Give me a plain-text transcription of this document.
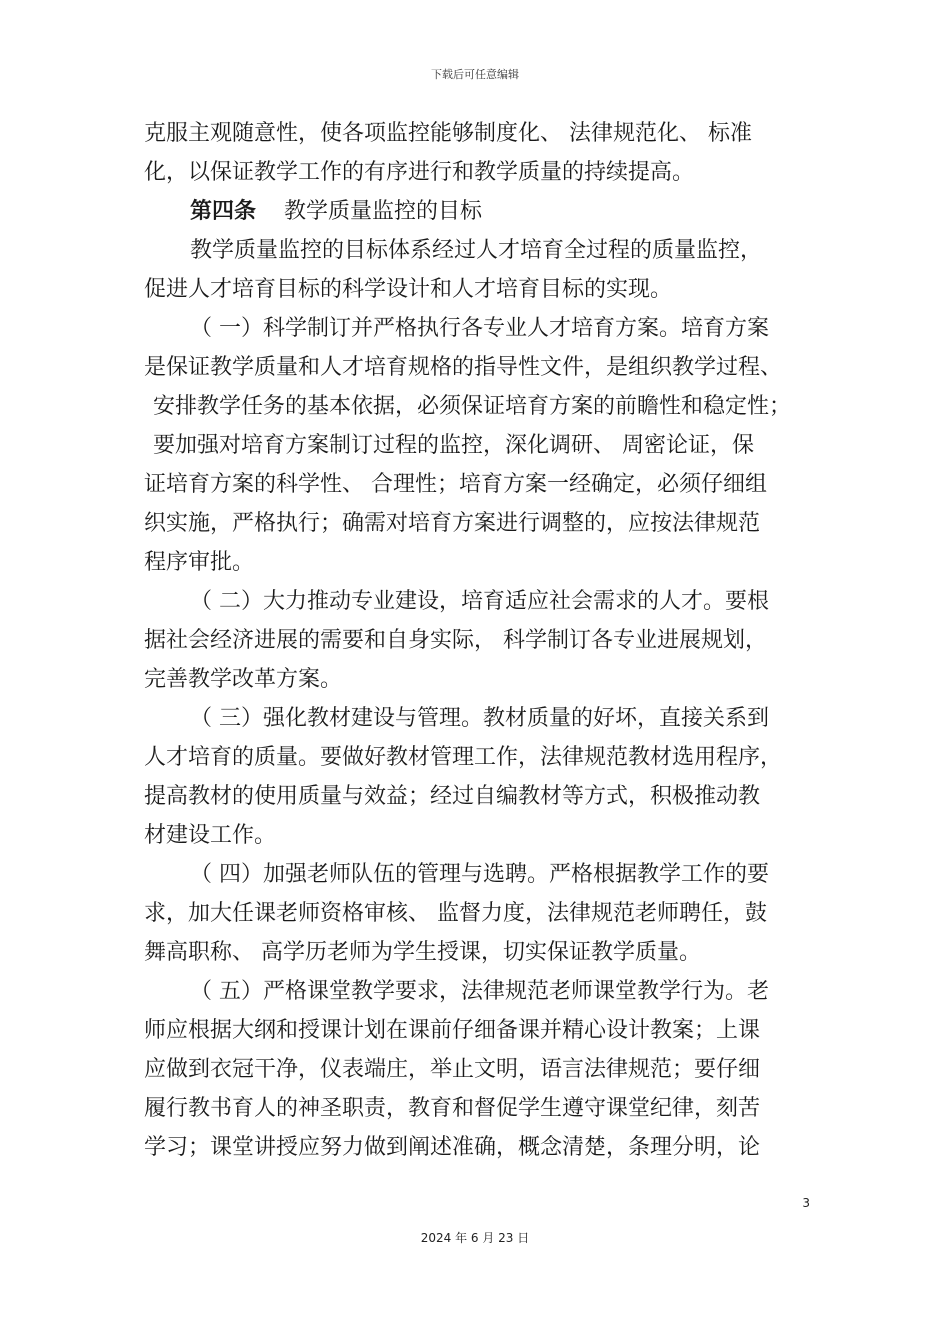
下载后可任意编辑
克服主观随意性，使各项监控能够制度化、 法律规范化、 标准
化，以保证教学工作的有序进行和教学质量的持续提高。

第四条

教学质量监控的目标

教学质量监控的目标体系经过人才培育全过程的质量监控，
促进人才培育目标的科学设计和人才培育目标的实现。
（ 一）科学制订并严格执行各专业人才培育方案。培育方案
是保证教学质量和人才培育规格的指导性文件，是组织教学过程、
安排教学任务的基本依据，必须保证培育方案的前瞻性和稳定性；
要加强对培育方案制订过程的监控，深化调研、 周密论证，保
证培育方案的科学性、 合理性；培育方案一经确定，必须仔细组
织实施，严格执行；确需对培育方案进行调整的，应按法律规范
程序审批。
（ 二）大力推动专业建设，培育适应社会需求的人才。要根
据社会经济进展的需要和自身实际， 科学制订各专业进展规划，
完善教学改革方案。
（ 三）强化教材建设与管理。教材质量的好坏，直接关系到
人才培育的质量。要做好教材管理工作，法律规范教材选用程序，
提高教材的使用质量与效益；经过自编教材等方式，积极推动教
材建设工作。
（ 四）加强老师队伍的管理与选聘。严格根据教学工作的要
求，加大任课老师资格审核、 监督力度，法律规范老师聘任，鼓
舞高职称、 高学历老师为学生授课，切实保证教学质量。
（ 五）严格课堂教学要求，法律规范老师课堂教学行为。老
师应根据大纲和授课计划在课前仔细备课并精心设计教案；上课
应做到衣冠干净，仪表端庄，举止文明，语言法律规范；要仔细
履行教书育人的神圣职责，教育和督促学生遵守课堂纪律，刻苦
学习；课堂讲授应努力做到阐述准确，概念清楚，条理分明，论
3
2024 年 6 月 23 日
